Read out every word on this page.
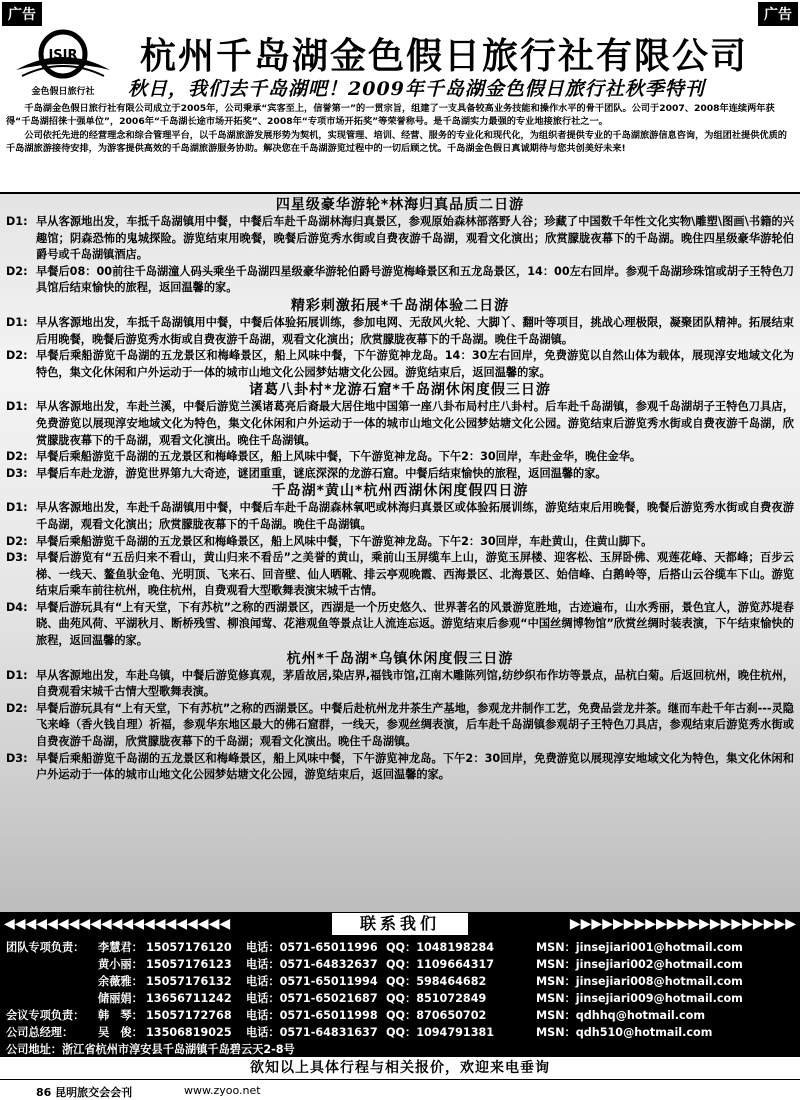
广告	广告
JSJR
金色假日旅行社
杭州千岛湖金色假日旅行社有限公司
秋日，我们去千岛湖吧！2009年千岛湖金色假日旅行社秋季特刊

千岛湖金色假日旅行社有限公司成立于2005年，公司秉承“宾客至上，信誉第一”的一贯宗旨，组建了一支具备较高业务技能和操作水平的骨干团队。公司于2007、2008年连续两年获得“千岛湖招徕十强单位”，2006年“千岛湖长途市场开拓奖”、2008年“专项市场开拓奖”等荣誉称号。是千岛湖实力最强的专业地接旅行社之一。

公司依托先进的经营理念和综合管理平台，以千岛湖旅游发展形势为契机，实现管理、培训、经营、服务的专业化和现代化，为组织者提供专业的千岛湖旅游信息咨询，为组团社提供优质的千岛湖旅游接待安排，为游客提供高效的千岛湖旅游服务协助。解决您在千岛湖游览过程中的一切后顾之忧。千岛湖金色假日真诚期待与您共创美好未来!

四星级豪华游轮*林海归真品质二日游
D1: 早从客源地出发，车抵千岛湖镇用中餐，中餐后车赴千岛湖林海归真景区，参观原始森林部落野人谷；珍藏了中国数千年性文化实物\雕塑\图画\书籍的兴趣馆；阴森恐怖的鬼城探险。游览结束用晚餐，晚餐后游览秀水街或自费夜游千岛湖，观看文化演出；欣赏朦胧夜幕下的千岛湖。晚住四星级豪华游轮伯爵号或千岛湖镇酒店。
D2: 早餐后08：00前往千岛湖潼人码头乘坐千岛湖四星级豪华游轮伯爵号游览梅峰景区和五龙岛景区，14：00左右回岸。参观千岛湖珍珠馆或胡子王特色刀具馆后结束愉快的旅程，返回温馨的家。
精彩刺激拓展*千岛湖体验二日游
D1: 早从客源地出发，车抵千岛湖镇用中餐，中餐后体验拓展训练，参加电网、无敌风火轮、大脚丫、翻叶等项目，挑战心理极限，凝聚团队精神。拓展结束后用晚餐，晚餐后游览秀水街或自费夜游千岛湖，观看文化演出；欣赏朦胧夜幕下的千岛湖。晚住千岛湖镇。
D2: 早餐后乘船游览千岛湖的五龙景区和梅峰景区，船上风味中餐，下午游览神龙岛。14：30左右回岸，免费游览以自然山体为载体，展现淳安地域文化为特色，集文化休闲和户外运动于一体的城市山地文化公园梦姑塘文化公园。游览结束后，返回温馨的家。
诸葛八卦村*龙游石窟*千岛湖休闲度假三日游
D1: 早从客源地出发，车赴兰溪，中餐后游览兰溪诸葛亮后裔最大居住地中国第一座八卦布局村庄八卦村。后车赴千岛湖镇，参观千岛湖胡子王特色刀具店，免费游览以展现淳安地域文化为特色，集文化休闲和户外运动于一体的城市山地文化公园梦姑塘文化公园。游览结束后游览秀水街或自费夜游千岛湖，欣赏朦胧夜幕下的千岛湖，观看文化演出。晚住千岛湖镇。
D2: 早餐后乘船游览千岛湖的五龙景区和梅峰景区，船上风味中餐，下午游览神龙岛。下午2：30回岸，车赴金华，晚住金华。
D3: 早餐后车赴龙游，游览世界第九大奇迹，谜团重重，谜底深深的龙游石窟。中餐后结束愉快的旅程，返回温馨的家。
千岛湖*黄山*杭州西湖休闲度假四日游
D1: 早从客源地出发，车赴千岛湖镇用中餐，中餐后车赴千岛湖森林氧吧或林海归真景区或体验拓展训练，游览结束后用晚餐，晚餐后游览秀水街或自费夜游千岛湖，观看文化演出；欣赏朦胧夜幕下的千岛湖。晚住千岛湖镇。
D2: 早餐后乘船游览千岛湖的五龙景区和梅峰景区，船上风味中餐，下午游览神龙岛。下午2：30回岸，车赴黄山，住黄山脚下。
D3: 早餐后游览有“五岳归来不看山，黄山归来不看岳”之美誉的黄山，乘前山玉屏缆车上山，游览玉屏楼、迎客松、玉屏卧佛、观莲花峰、天都峰；百步云梯、一线天、鳌鱼驮金龟、光明顶、飞来石、回音壁、仙人晒靴、排云亭观晚霞、西海景区、北海景区、始信峰、白鹅岭等，后搭山云谷缆车下山。游览结束后乘车前往杭州，晚住杭州，自费观看大型歌舞表演宋城千古情。
D4: 早餐后游玩具有“上有天堂，下有苏杭”之称的西湖景区，西湖是一个历史悠久、世界著名的风景游览胜地，古迹遍布，山水秀丽，景色宜人，游览苏堤春晓、曲苑风荷、平湖秋月、断桥残雪、柳浪闻莺、花港观鱼等景点让人流连忘返。游览结束后参观“中国丝绸博物馆”欣赏丝绸时装表演，下午结束愉快的旅程，返回温馨的家。
杭州*千岛湖*乌镇休闲度假三日游
D1: 早从客源地出发，车赴乌镇，中餐后游览修真观，茅盾故居,染店界,福钱市馆,江南木雕陈列馆,纺纱织布作坊等景点，品杭白菊。后返回杭州，晚住杭州，自费观看宋城千古情大型歌舞表演。
D2: 早餐后游玩具有“上有天堂，下有苏杭”之称的西湖景区。中餐后赴杭州龙井茶生产基地，参观龙井制作工艺，免费品尝龙井茶。继而车赴千年古刹---灵隐飞来峰（香火钱自理）祈福，参观华东地区最大的佛石窟群，一线天，参观丝绸表演，后车赴千岛湖镇参观胡子王特色刀具店，参观结束后游览秀水街或自费夜游千岛湖，欣赏朦胧夜幕下的千岛湖；观看文化演出。晚住千岛湖镇。
D3: 早餐后乘船游览千岛湖的五龙景区和梅峰景区，船上风味中餐，下午游览神龙岛。下午2：30回岸，免费游览以展现淳安地域文化为特色，集文化休闲和户外运动于一体的城市山地文化公园梦姑塘文化公园，游览结束后，返回温馨的家。
◀◀◀◀◀◀◀◀◀◀◀◀◀◀◀◀◀◀◀◀◀	▶▶▶▶▶▶▶▶▶▶▶▶▶▶▶▶▶▶▶▶▶
联系我们
团队专项负责：	李慧君： 15057176120	电话：0571-65011996 QQ：1048198284	MSN：jinsejiari001@hotmail.com
黄小丽： 15057176123	电话：0571-64832637 QQ：1109664317	MSN：jinsejiari002@hotmail.com
余薇雅： 15057176132	电话：0571-65011994 QQ：598464682	MSN：jinsejiari008@hotmail.com
储丽娟： 13656711242	电话：0571-65021687 QQ：851072849	MSN：jinsejiari009@hotmail.com
会议专项负责：	韩　琴： 15057172768	电话：0571-65011998 QQ：870650702	MSN：qdhhq@hotmail.com
公司总经理：	吴　俊： 13506819025	电话：0571-64831637 QQ：1094791381	MSN：qdh510@hotmail.com
公司地址：浙江省杭州市淳安县千岛湖镇千岛碧云天2-8号
欲知以上具体行程与相关报价，欢迎来电垂询
86 昆明旅交会会刊	www.zyoo.net
